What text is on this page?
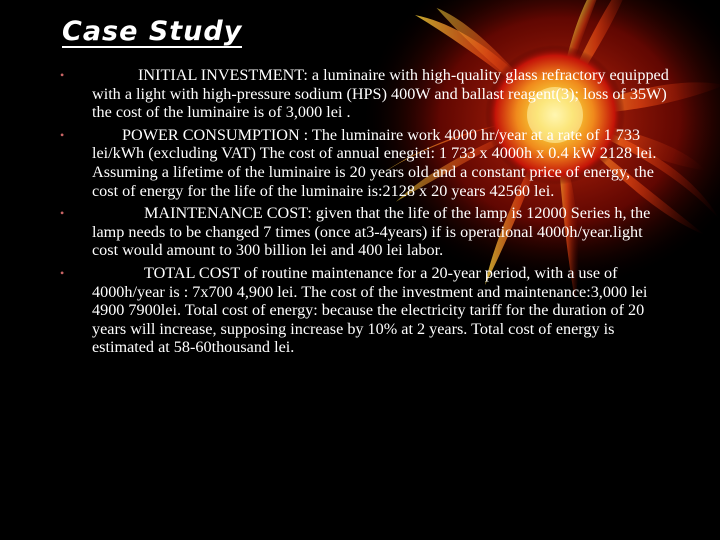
Case Study
•	INITIAL INVESTMENT: a luminaire with high-quality glass refractory equipped with a light with high-pressure sodium (HPS) 400W and ballast reagent(3); loss of 35W) the cost of the luminaire is of 3,000 lei .
•	POWER CONSUMPTION : The luminaire work 4000 hr/year at a rate of 1 733 lei/kWh (excluding VAT) The cost of annual enegiei: 1 733 x 4000h x 0.4 kW 2128 lei. Assuming a lifetime of the luminaire is 20 years old and a constant price of energy, the cost of energy for the life of the luminaire is:2128 x 20 years 42560 lei.
•	MAINTENANCE COST: given that the life of the lamp is 12000 Series h, the lamp needs to be changed 7 times (once at3-4years) if is operational 4000h/year.light cost would amount to 300 billion lei and 400 lei labor.
•	TOTAL COST of routine maintenance for a 20-year period, with a use of 4000h/year is : 7x700 4,900 lei. The cost of the investment and maintenance:3,000 lei 4900 7900lei. Total cost of energy: because the electricity tariff for the duration of 20 years will increase, supposing increase by 10% at 2 years. Total cost of energy is estimated at 58-60thousand lei.
